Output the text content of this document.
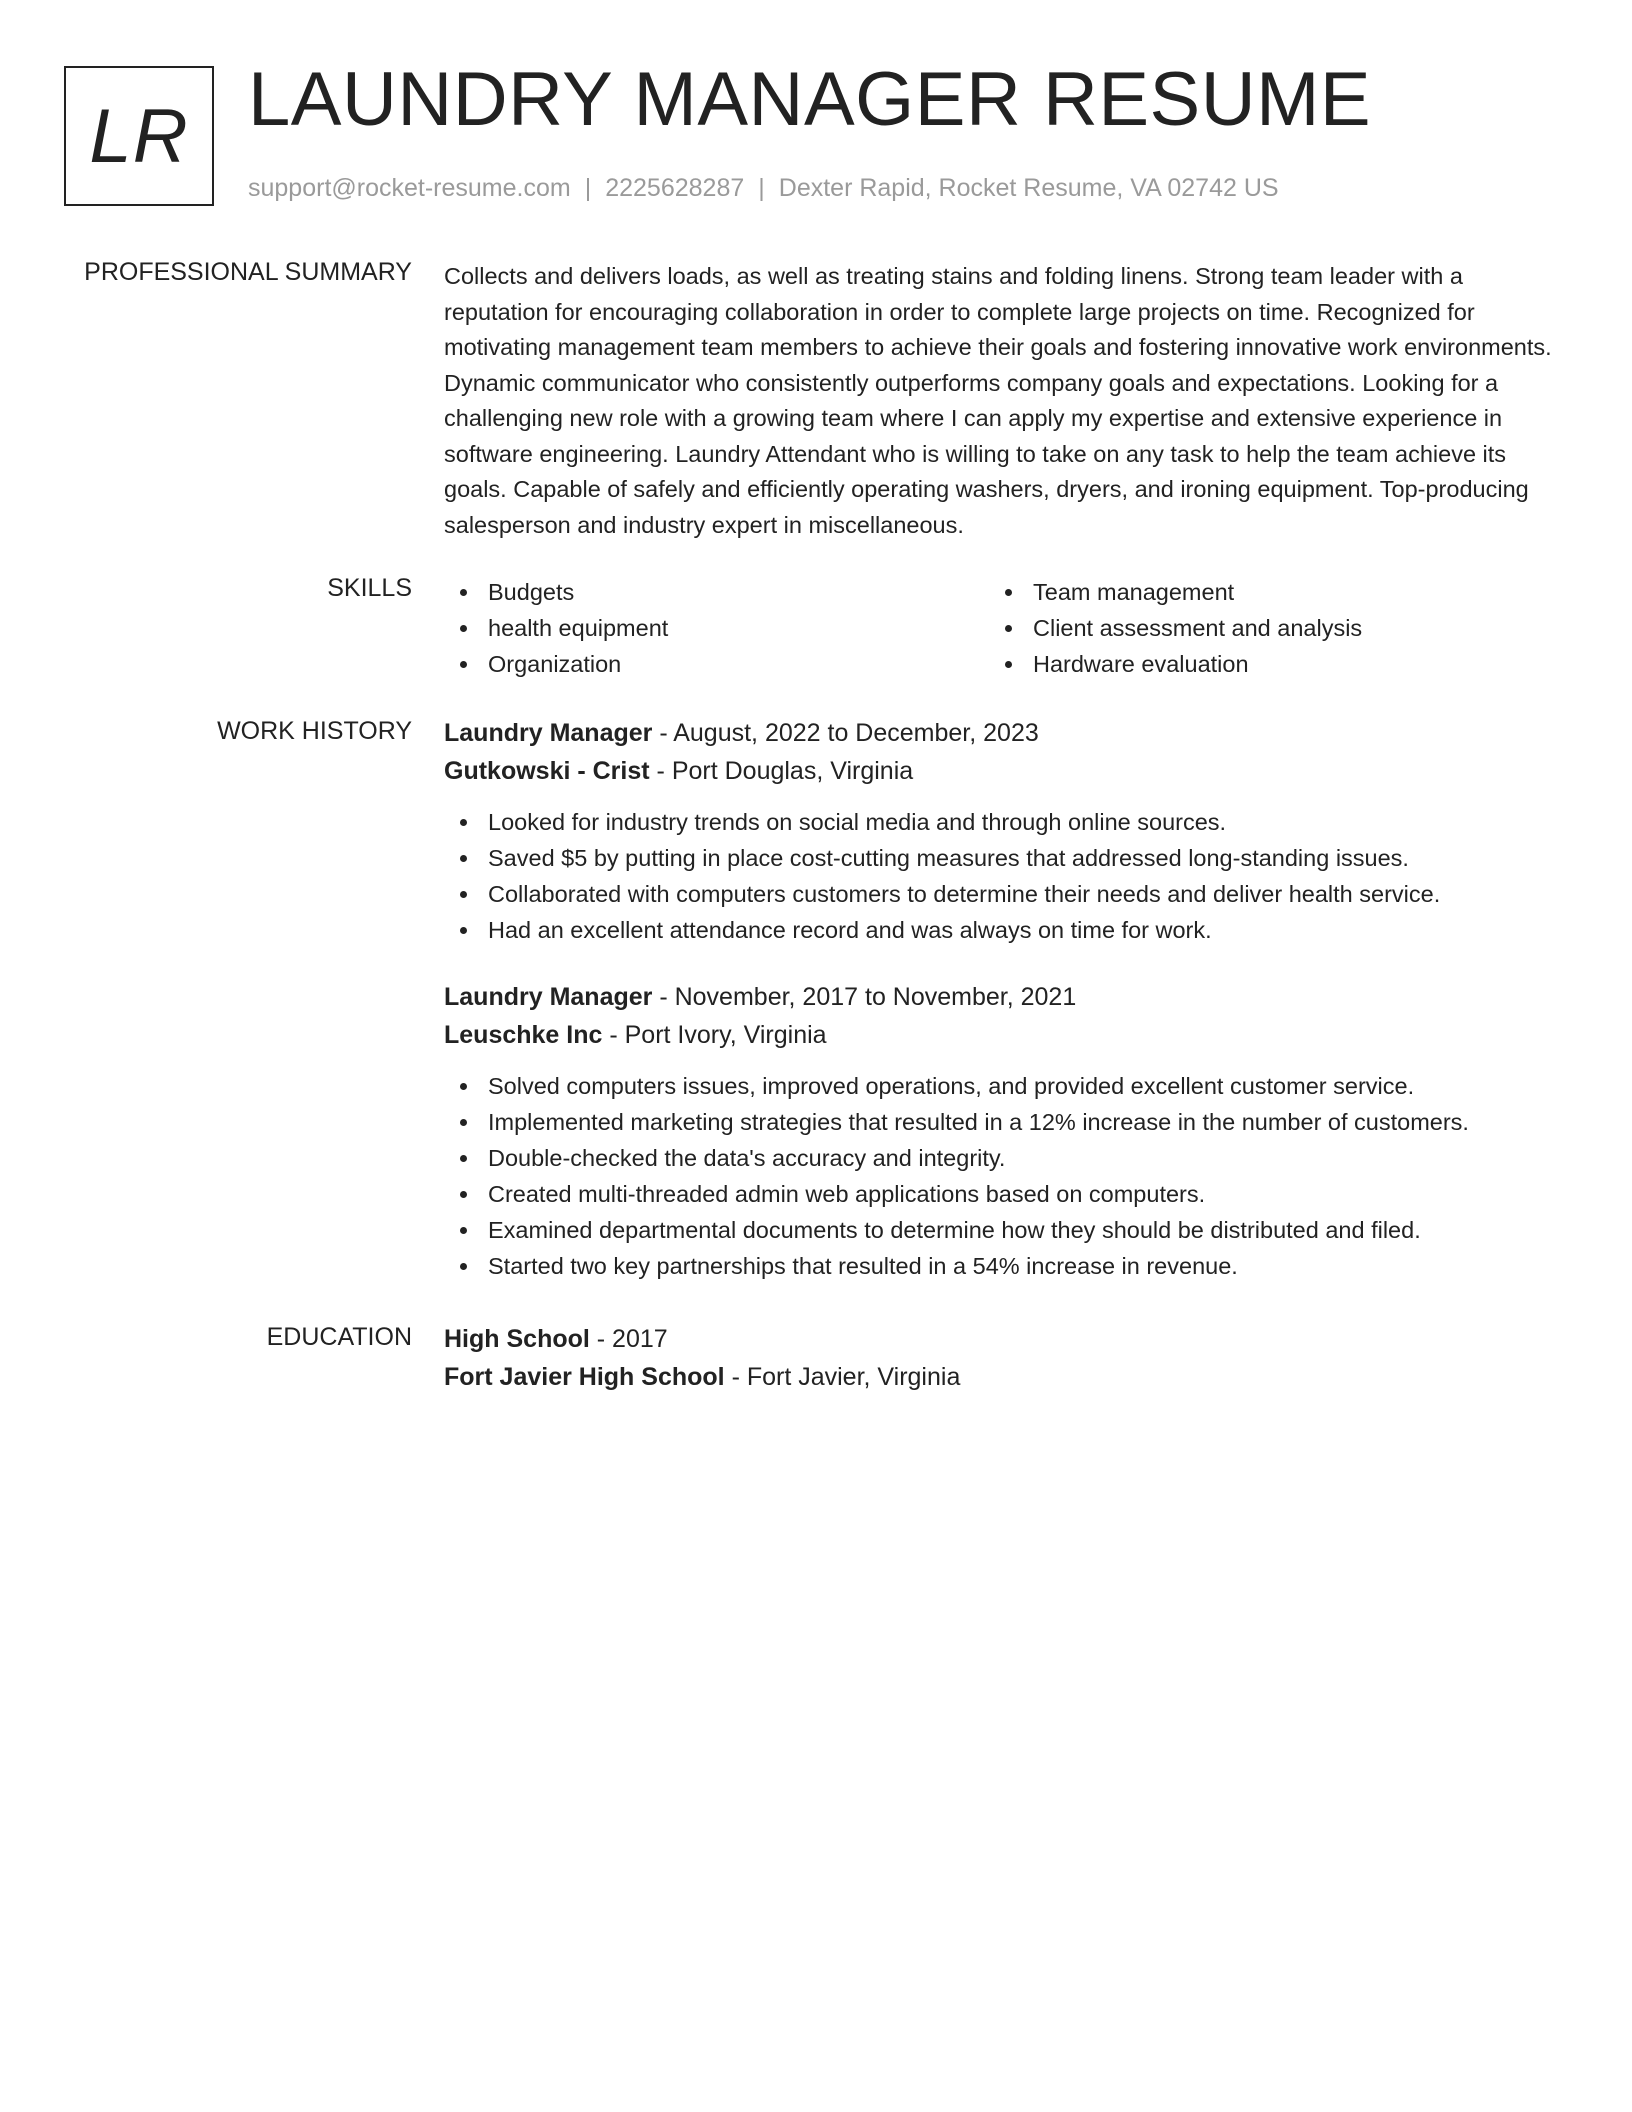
LR LAUNDRY MANAGER RESUME
support@rocket-resume.com | 2225628287 | Dexter Rapid, Rocket Resume, VA 02742 US
PROFESSIONAL SUMMARY Collects and delivers loads, as well as treating stains and folding linens. Strong team leader with a reputation for encouraging collaboration in order to complete large projects on time. Recognized for motivating management team members to achieve their goals and fostering innovative work environments. Dynamic communicator who consistently outperforms company goals and expectations. Looking for a challenging new role with a growing team where I can apply my expertise and extensive experience in software engineering. Laundry Attendant who is willing to take on any task to help the team achieve its goals. Capable of safely and efficiently operating washers, dryers, and ironing equipment. Top-producing salesperson and industry expert in miscellaneous.

SKILLS	Budgets
health equipment
Organization
Team management
Client assessment and analysis
Hardware evaluation
WORK HISTORY Laundry Manager - August, 2022 to December, 2023
Gutkowski - Crist - Port Douglas, Virginia
Looked for industry trends on social media and through online sources.
Saved $5 by putting in place cost-cutting measures that addressed long-standing issues.
Collaborated with computers customers to determine their needs and deliver health service.
Had an excellent attendance record and was always on time for work.
Laundry Manager - November, 2017 to November, 2021
Leuschke Inc - Port Ivory, Virginia
Solved computers issues, improved operations, and provided excellent customer service.
Implemented marketing strategies that resulted in a 12% increase in the number of customers.
Double-checked the data's accuracy and integrity.
Created multi-threaded admin web applications based on computers.
Examined departmental documents to determine how they should be distributed and filed.
Started two key partnerships that resulted in a 54% increase in revenue.
EDUCATION High School - 2017
Fort Javier High School - Fort Javier, Virginia
